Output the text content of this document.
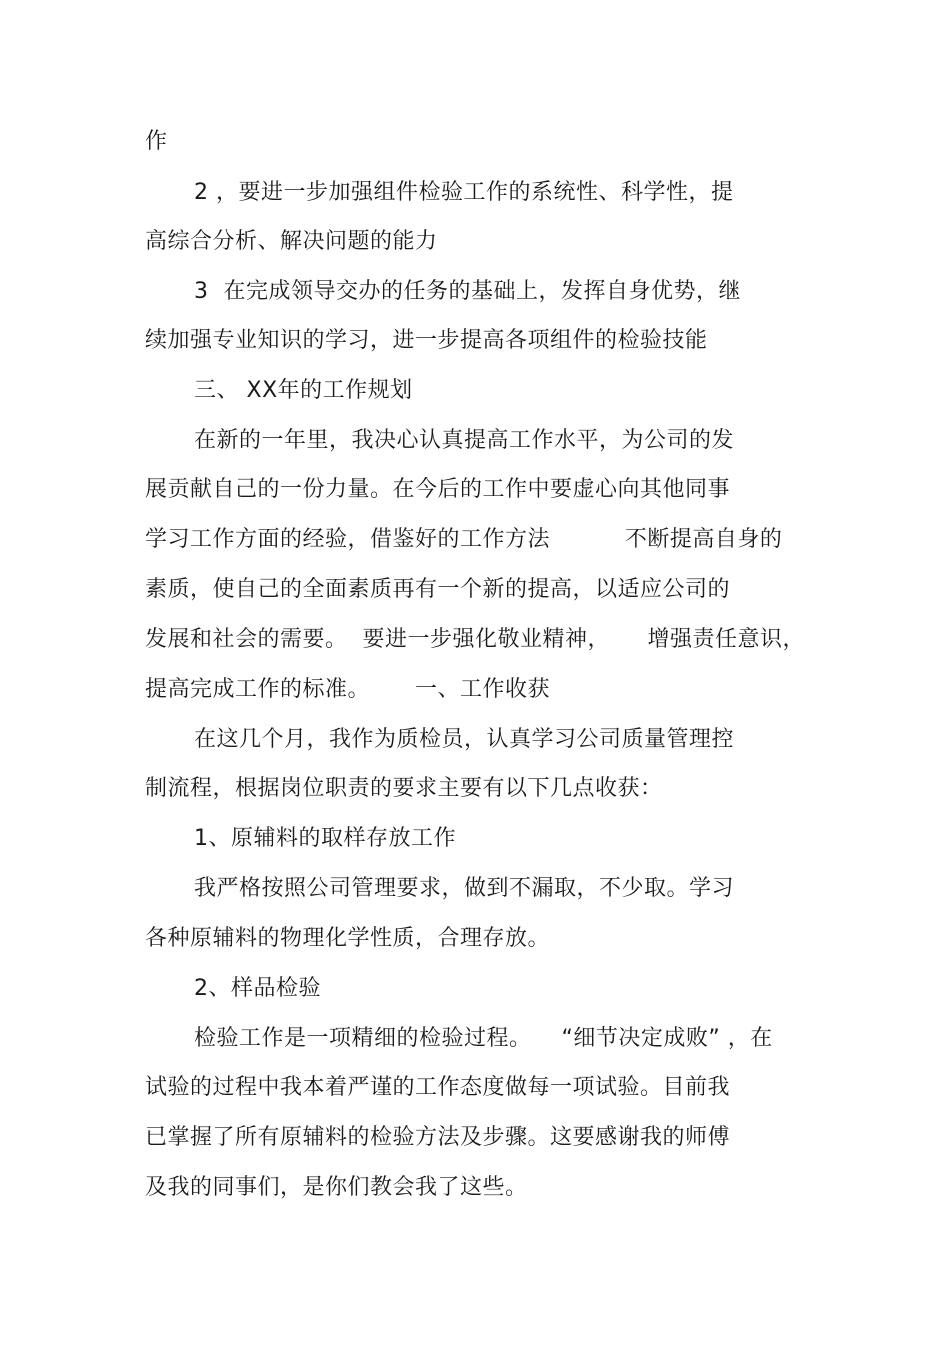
作
2 ，要进一步加强组件检验工作的系统性、科学性，提
高综合分析、解决问题的能力
3  在完成领导交办的任务的基础上，发挥自身优势，继
续加强专业知识的学习，进一步提高各项组件的检验技能
三、 XX年的工作规划
在新的一年里，我决心认真提高工作水平，为公司的发
展贡献自己的一份力量。在今后的工作中要虚心向其他同事
学习工作方面的经验，借鉴好的工作方法          不断提高自身的
素质，使自己的全面素质再有一个新的提高，以适应公司的
发展和社会的需要。  要进一步强化敬业精神，     增强责任意识，
提高完成工作的标准。      一、工作收获
在这几个月，我作为质检员，认真学习公司质量管理控
制流程，根据岗位职责的要求主要有以下几点收获：
1、原辅料的取样存放工作
我严格按照公司管理要求，做到不漏取，不少取。学习
各种原辅料的物理化学性质，合理存放。
2、样品检验
检验工作是一项精细的检验过程。    “细节决定成败” ，在
试验的过程中我本着严谨的工作态度做每一项试验。目前我
已掌握了所有原辅料的检验方法及步骤。这要感谢我的师傅
及我的同事们，是你们教会我了这些。
